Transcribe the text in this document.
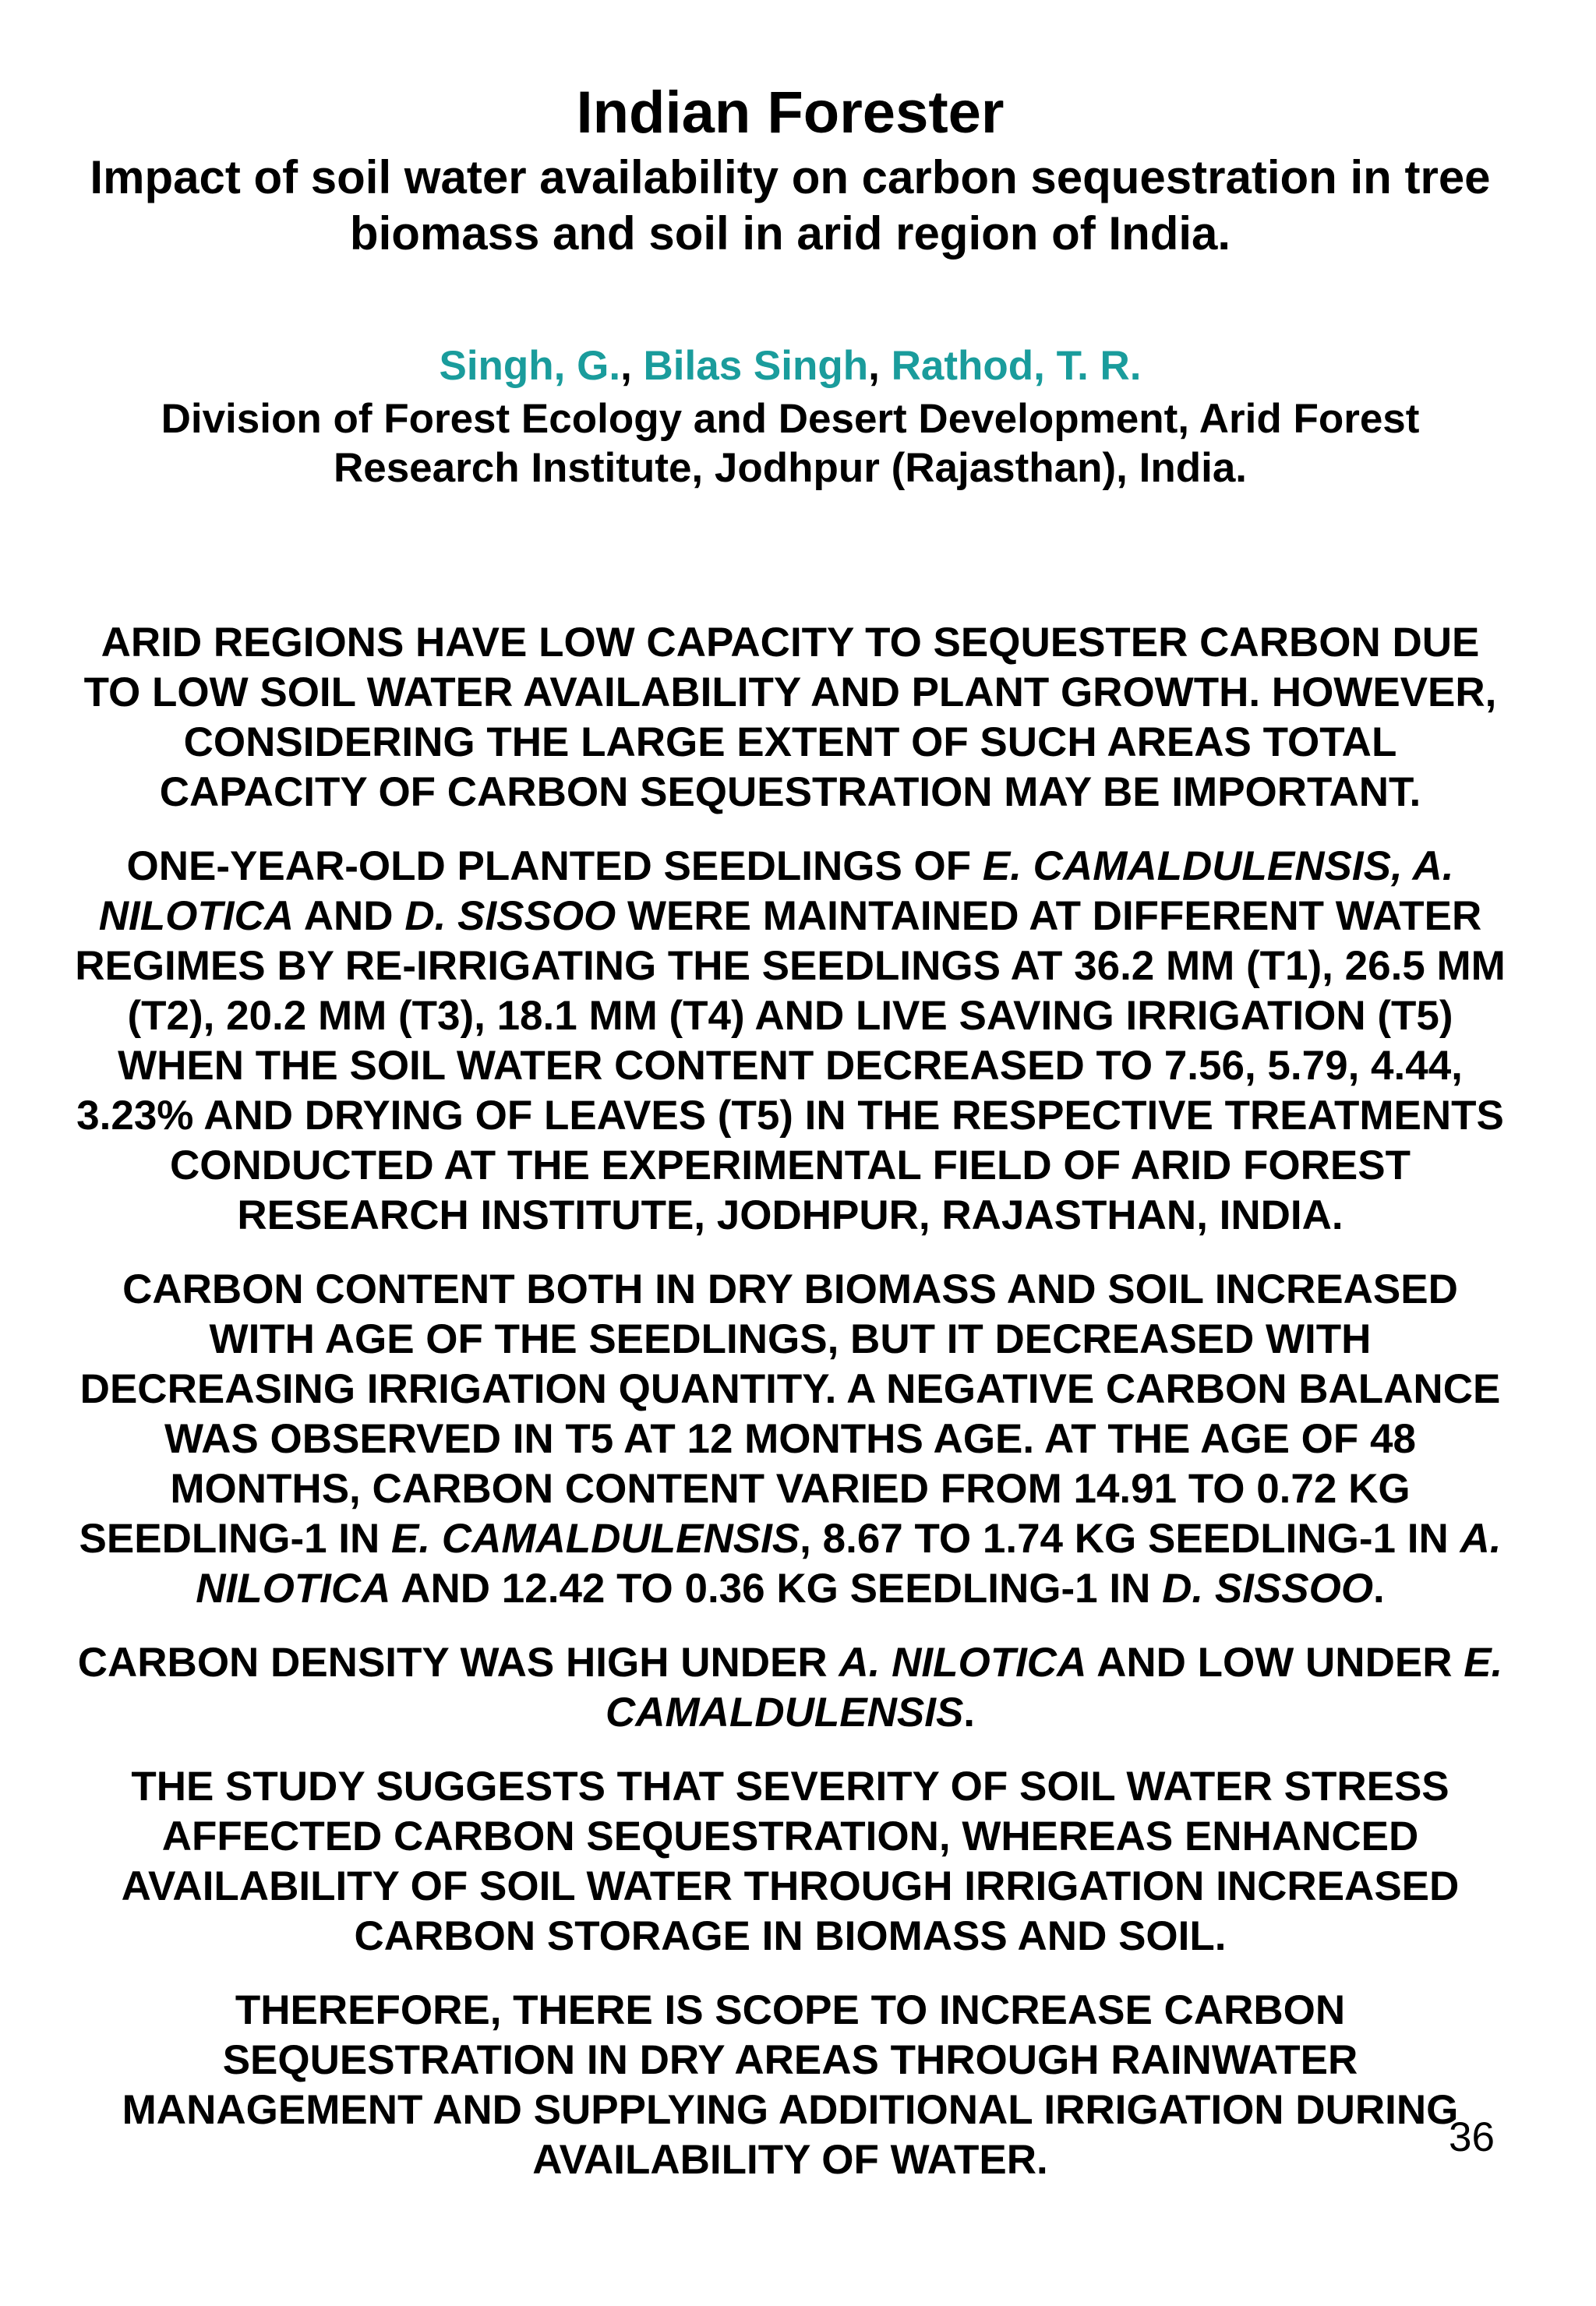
Indian Forester
Impact of soil water availability on carbon sequestration in tree
biomass and soil in arid region of India.
Singh, G., Bilas Singh, Rathod, T. R.
Division of Forest Ecology and Desert Development, Arid Forest
Research Institute, Jodhpur (Rajasthan), India.

ARID REGIONS HAVE LOW CAPACITY TO SEQUESTER CARBON DUE
TO LOW SOIL WATER AVAILABILITY AND PLANT GROWTH. HOWEVER,
CONSIDERING THE LARGE EXTENT OF SUCH AREAS TOTAL
CAPACITY OF CARBON SEQUESTRATION MAY BE IMPORTANT.

ONE-YEAR-OLD PLANTED SEEDLINGS OF E. CAMALDULENSIS, A.
NILOTICA AND D. SISSOO WERE MAINTAINED AT DIFFERENT WATER
REGIMES BY RE-IRRIGATING THE SEEDLINGS AT 36.2 MM (T1), 26.5 MM
(T2), 20.2 MM (T3), 18.1 MM (T4) AND LIVE SAVING IRRIGATION (T5)
WHEN THE SOIL WATER CONTENT DECREASED TO 7.56, 5.79, 4.44,
3.23% AND DRYING OF LEAVES (T5) IN THE RESPECTIVE TREATMENTS
CONDUCTED AT THE EXPERIMENTAL FIELD OF ARID FOREST
RESEARCH INSTITUTE, JODHPUR, RAJASTHAN, INDIA.

CARBON CONTENT BOTH IN DRY BIOMASS AND SOIL INCREASED
WITH AGE OF THE SEEDLINGS, BUT IT DECREASED WITH
DECREASING IRRIGATION QUANTITY. A NEGATIVE CARBON BALANCE
WAS OBSERVED IN T5 AT 12 MONTHS AGE. AT THE AGE OF 48
MONTHS, CARBON CONTENT VARIED FROM 14.91 TO 0.72 KG
SEEDLING-1 IN E. CAMALDULENSIS, 8.67 TO 1.74 KG SEEDLING-1 IN A.
NILOTICA AND 12.42 TO 0.36 KG SEEDLING-1 IN D. SISSOO.

CARBON DENSITY WAS HIGH UNDER A. NILOTICA AND LOW UNDER E.
CAMALDULENSIS.

THE STUDY SUGGESTS THAT SEVERITY OF SOIL WATER STRESS
AFFECTED CARBON SEQUESTRATION, WHEREAS ENHANCED
AVAILABILITY OF SOIL WATER THROUGH IRRIGATION INCREASED
CARBON STORAGE IN BIOMASS AND SOIL.

THEREFORE, THERE IS SCOPE TO INCREASE CARBON
SEQUESTRATION IN DRY AREAS THROUGH RAINWATER
MANAGEMENT AND SUPPLYING ADDITIONAL IRRIGATION DURING
AVAILABILITY OF WATER.	36
